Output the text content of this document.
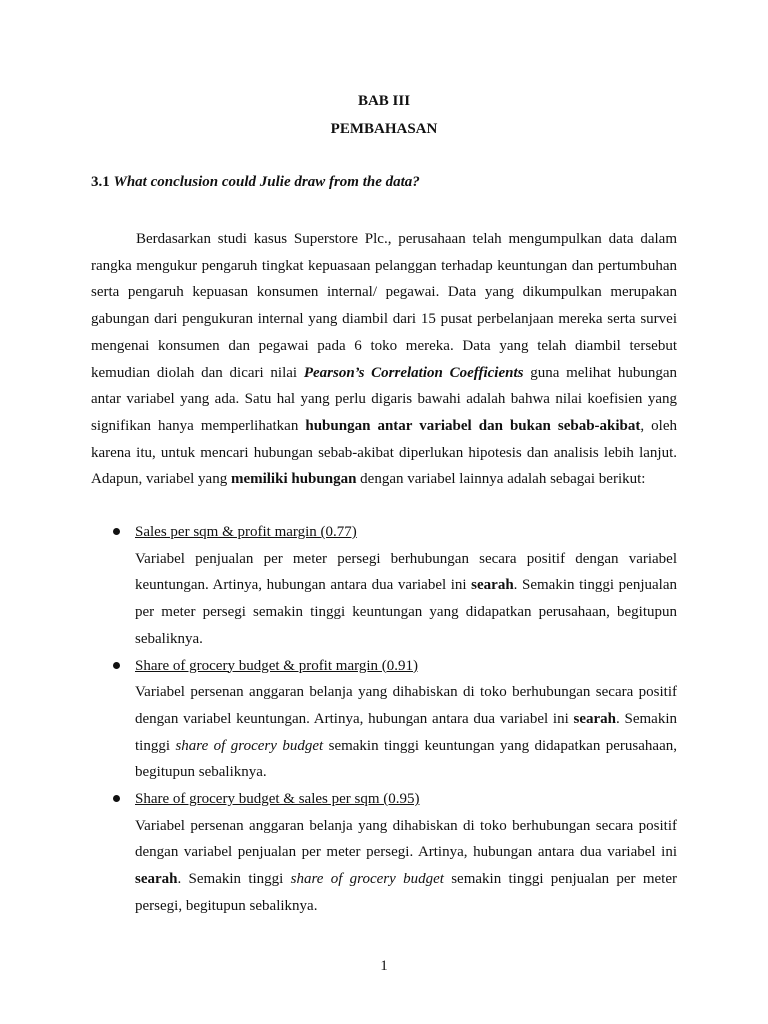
BAB III
PEMBAHASAN
3.1 What conclusion could Julie draw from the data?
Berdasarkan studi kasus Superstore Plc., perusahaan telah mengumpulkan data dalam rangka mengukur pengaruh tingkat kepuasaan pelanggan terhadap keuntungan dan pertumbuhan serta pengaruh kepuasan konsumen internal/ pegawai. Data yang dikumpulkan merupakan gabungan dari pengukuran internal yang diambil dari 15 pusat perbelanjaan mereka serta survei mengenai konsumen dan pegawai pada 6 toko mereka. Data yang telah diambil tersebut kemudian diolah dan dicari nilai Pearson’s Correlation Coefficients guna melihat hubungan antar variabel yang ada. Satu hal yang perlu digaris bawahi adalah bahwa nilai koefisien yang signifikan hanya memperlihatkan hubungan antar variabel dan bukan sebab-akibat, oleh karena itu, untuk mencari hubungan sebab-akibat diperlukan hipotesis dan analisis lebih lanjut. Adapun, variabel yang memiliki hubungan dengan variabel lainnya adalah sebagai berikut:
Sales per sqm & profit margin (0.77)
Variabel penjualan per meter persegi berhubungan secara positif dengan variabel keuntungan. Artinya, hubungan antara dua variabel ini searah. Semakin tinggi penjualan per meter persegi semakin tinggi keuntungan yang didapatkan perusahaan, begitupun sebaliknya.
Share of grocery budget & profit margin (0.91)
Variabel persenan anggaran belanja yang dihabiskan di toko berhubungan secara positif dengan variabel keuntungan. Artinya, hubungan antara dua variabel ini searah. Semakin tinggi share of grocery budget semakin tinggi keuntungan yang didapatkan perusahaan, begitupun sebaliknya.
Share of grocery budget & sales per sqm (0.95)
Variabel persenan anggaran belanja yang dihabiskan di toko berhubungan secara positif dengan variabel penjualan per meter persegi. Artinya, hubungan antara dua variabel ini searah. Semakin tinggi share of grocery budget semakin tinggi penjualan per meter persegi, begitupun sebaliknya.
1
